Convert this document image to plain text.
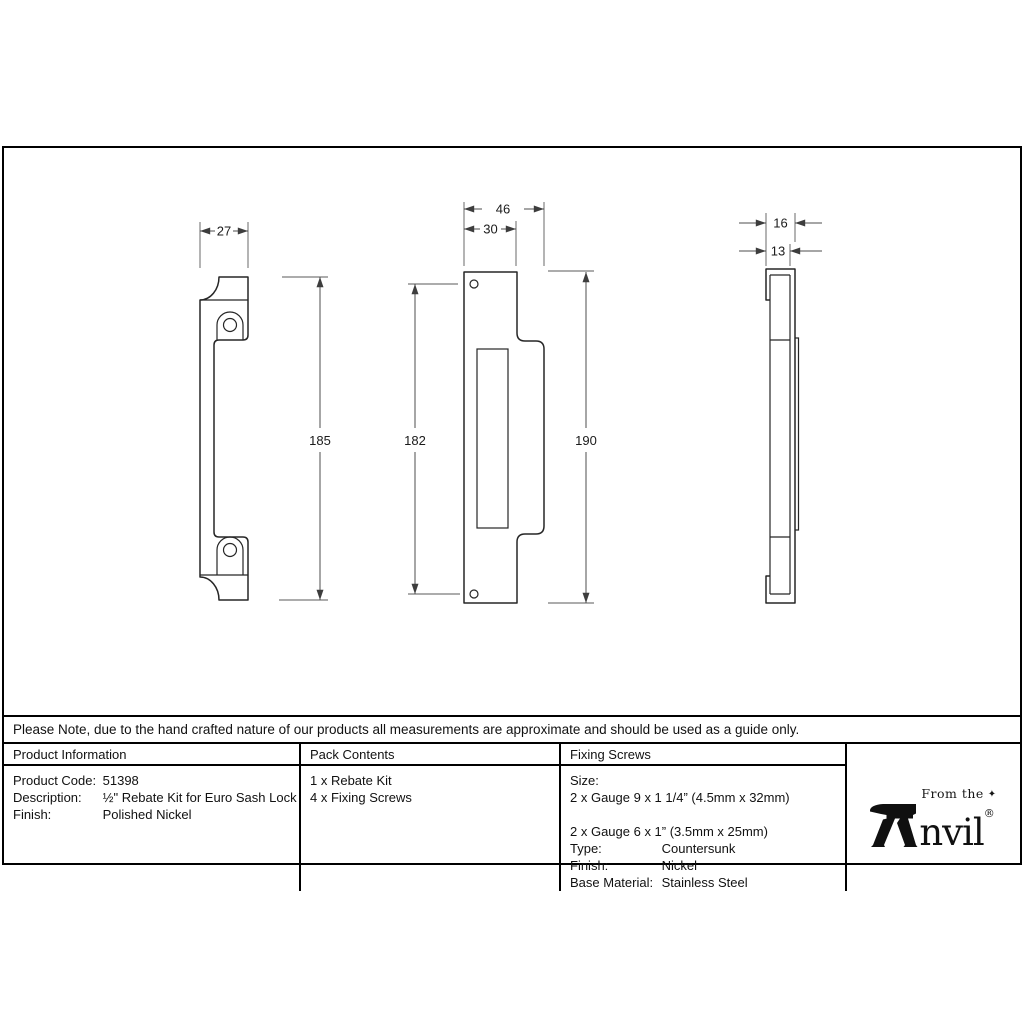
27
185
46
30
182	190
16
13
Please Note, due to the hand crafted nature of our products all measurements are approximate and should be used as a guide only.
Product Information
Product Code: 51398
Description: ½" Rebate Kit for Euro Sash Lock
Finish:	Polished Nickel
Pack Contents
1 x Rebate Kit
4 x Fixing Screws
Fixing Screws
Size: 2 x Gauge 9 x 1 1/4” (4.5mm x 32mm)
2 x Gauge 6 x 1” (3.5mm x 25mm)
Type:	Countersunk
Finish:	Nickel
Base Material: Stainless Steel
From the ✦
nvil®
